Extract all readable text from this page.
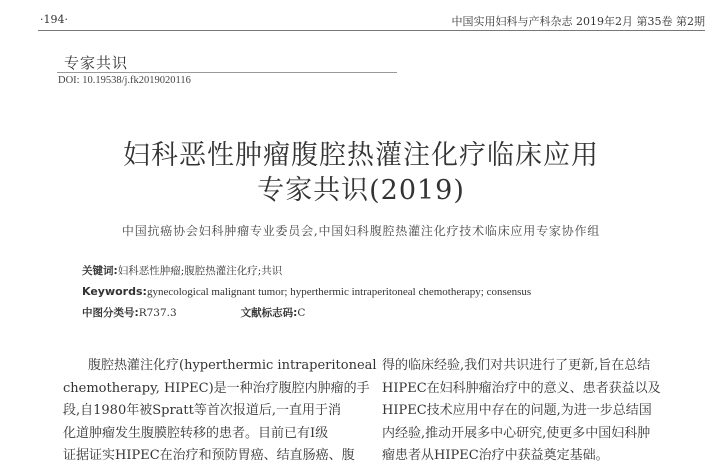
·194·	中国实用妇科与产科杂志 2019年2月 第35卷 第2期
专家共识
DOI: 10.19538/j.fk2019020116
妇科恶性肿瘤腹腔热灌注化疗临床应用
专家共识(2019)
中国抗癌协会妇科肿瘤专业委员会,中国妇科腹腔热灌注化疗技术临床应用专家协作组
关键词:妇科恶性肿瘤;腹腔热灌注化疗;共识
Keywords:gynecological malignant tumor; hyperthermic intraperitoneal chemotherapy; consensus
中图分类号:R737.3	文献标志码:C
腹腔热灌注化疗(hyperthermic intraperitoneal
chemotherapy, HIPEC)是一种治疗腹腔内肿瘤的手
段,自1980年被Spratt等首次报道后,一直用于消
化道肿瘤发生腹膜腔转移的患者。目前已有Ⅰ级
证据证实HIPEC在治疗和预防胃癌、结直肠癌、腹
得的临床经验,我们对共识进行了更新,旨在总结
HIPEC在妇科肿瘤治疗中的意义、患者获益以及
HIPEC技术应用中存在的问题,为进一步总结国
内经验,推动开展多中心研究,使更多中国妇科肿
瘤患者从HIPEC治疗中获益奠定基础。
